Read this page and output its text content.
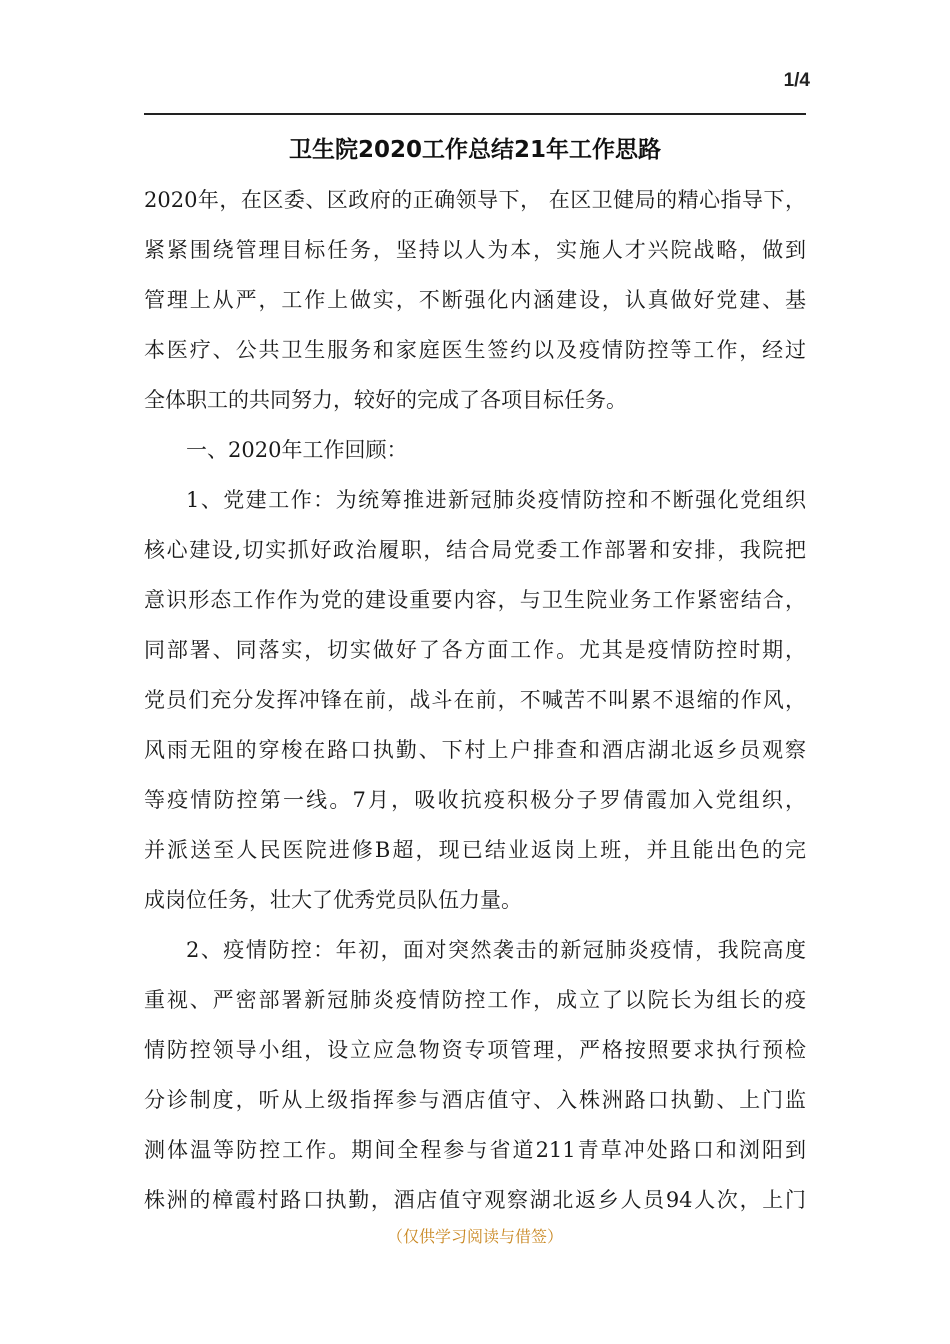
1/4
卫生院2020工作总结21年工作思路
2020年，在区委、区政府的正确领导下， 在区卫健局的精心指导下，
紧紧围绕管理目标任务，坚持以人为本，实施人才兴院战略，做到
管理上从严，工作上做实，不断强化内涵建设，认真做好党建、基
本医疗、公共卫生服务和家庭医生签约以及疫情防控等工作，经过
全体职工的共同努力，较好的完成了各项目标任务。
一、2020年工作回顾：
1、党建工作：为统筹推进新冠肺炎疫情防控和不断强化党组织
核心建设,切实抓好政治履职，结合局党委工作部署和安排，我院把
意识形态工作作为党的建设重要内容，与卫生院业务工作紧密结合，
同部署、同落实，切实做好了各方面工作。尤其是疫情防控时期，
党员们充分发挥冲锋在前，战斗在前，不喊苦不叫累不退缩的作风，
风雨无阻的穿梭在路口执勤、下村上户排查和酒店湖北返乡员观察
等疫情防控第一线。7月，吸收抗疫积极分子罗倩霞加入党组织，
并派送至人民医院进修B超，现已结业返岗上班，并且能出色的完
成岗位任务，壮大了优秀党员队伍力量。
2、疫情防控：年初，面对突然袭击的新冠肺炎疫情，我院高度
重视、严密部署新冠肺炎疫情防控工作，成立了以院长为组长的疫
情防控领导小组，设立应急物资专项管理，严格按照要求执行预检
分诊制度，听从上级指挥参与酒店值守、入株洲路口执勤、上门监
测体温等防控工作。期间全程参与省道211青草冲处路口和浏阳到
株洲的樟霞村路口执勤，酒店值守观察湖北返乡人员94人次，上门
（仅供学习阅读与借签）
